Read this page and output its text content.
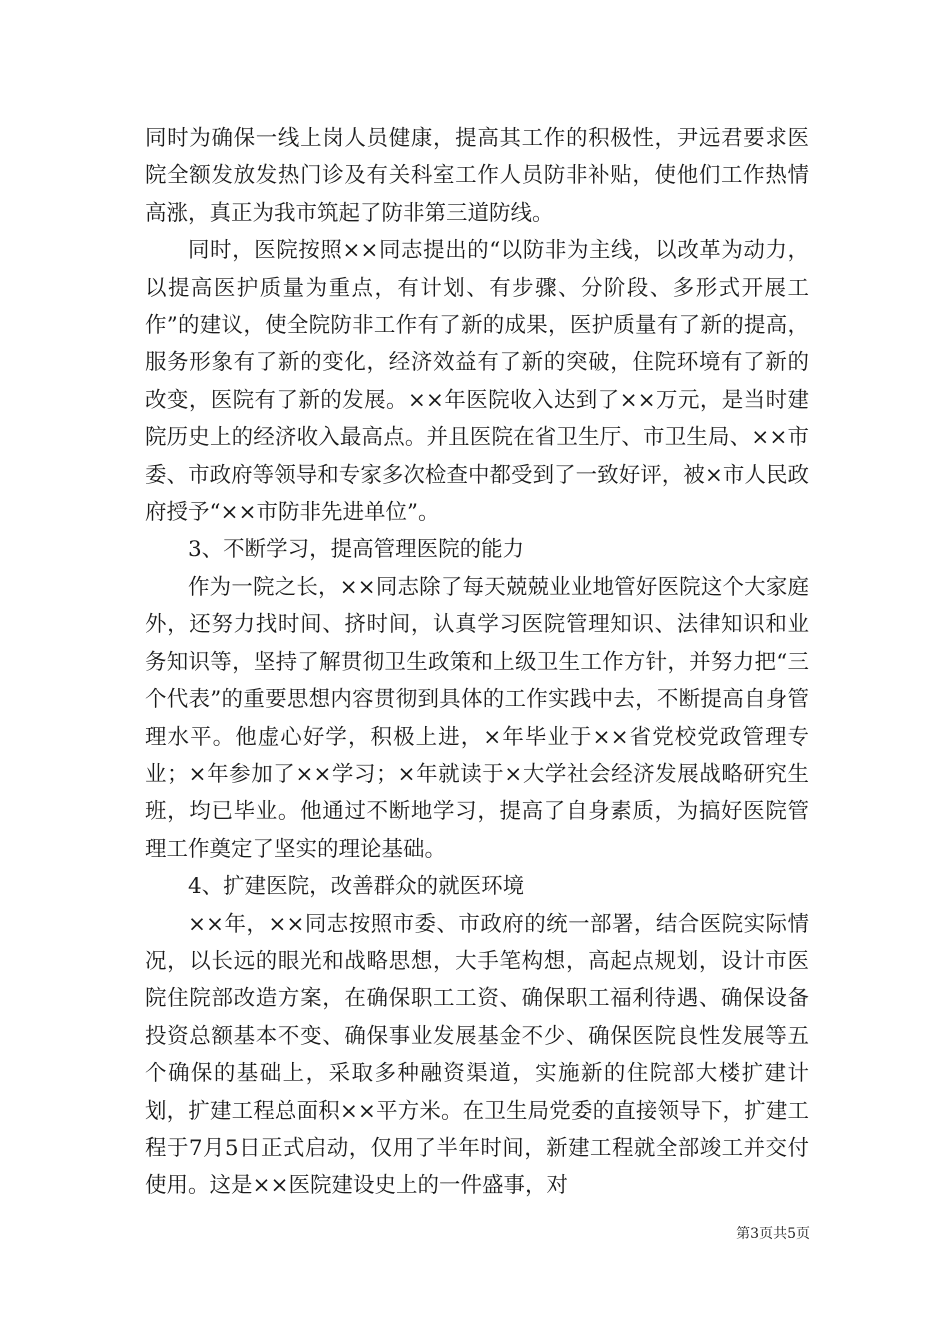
同时为确保一线上岗人员健康，提高其工作的积极性，尹远君要求医院全额发放发热门诊及有关科室工作人员防非补贴，使他们工作热情高涨，真正为我市筑起了防非第三道防线。

同时，医院按照××同志提出的“以防非为主线，以改革为动力，以提高医护质量为重点，有计划、有步骤、分阶段、多形式开展工作”的建议，使全院防非工作有了新的成果，医护质量有了新的提高，服务形象有了新的变化，经济效益有了新的突破，住院环境有了新的改变，医院有了新的发展。××年医院收入达到了××万元，是当时建院历史上的经济收入最高点。并且医院在省卫生厅、市卫生局、××市委、市政府等领导和专家多次检查中都受到了一致好评，被×市人民政府授予“××市防非先进单位”。

3、不断学习，提高管理医院的能力

作为一院之长，××同志除了每天兢兢业业地管好医院这个大家庭外，还努力找时间、挤时间，认真学习医院管理知识、法律知识和业务知识等，坚持了解贯彻卫生政策和上级卫生工作方针，并努力把“三个代表”的重要思想内容贯彻到具体的工作实践中去，不断提高自身管理水平。他虚心好学，积极上进，×年毕业于××省党校党政管理专业；×年参加了××学习；×年就读于×大学社会经济发展战略研究生班，均已毕业。他通过不断地学习，提高了自身素质，为搞好医院管理工作奠定了坚实的理论基础。

4、扩建医院，改善群众的就医环境

××年，××同志按照市委、市政府的统一部署，结合医院实际情况，以长远的眼光和战略思想，大手笔构想，高起点规划，设计市医院住院部改造方案，在确保职工工资、确保职工福利待遇、确保设备投资总额基本不变、确保事业发展基金不少、确保医院良性发展等五个确保的基础上，采取多种融资渠道，实施新的住院部大楼扩建计划，扩建工程总面积××平方米。在卫生局党委的直接领导下，扩建工程于7月5日正式启动，仅用了半年时间，新建工程就全部竣工并交付使用。这是××医院建设史上的一件盛事，对

第3页共5页
